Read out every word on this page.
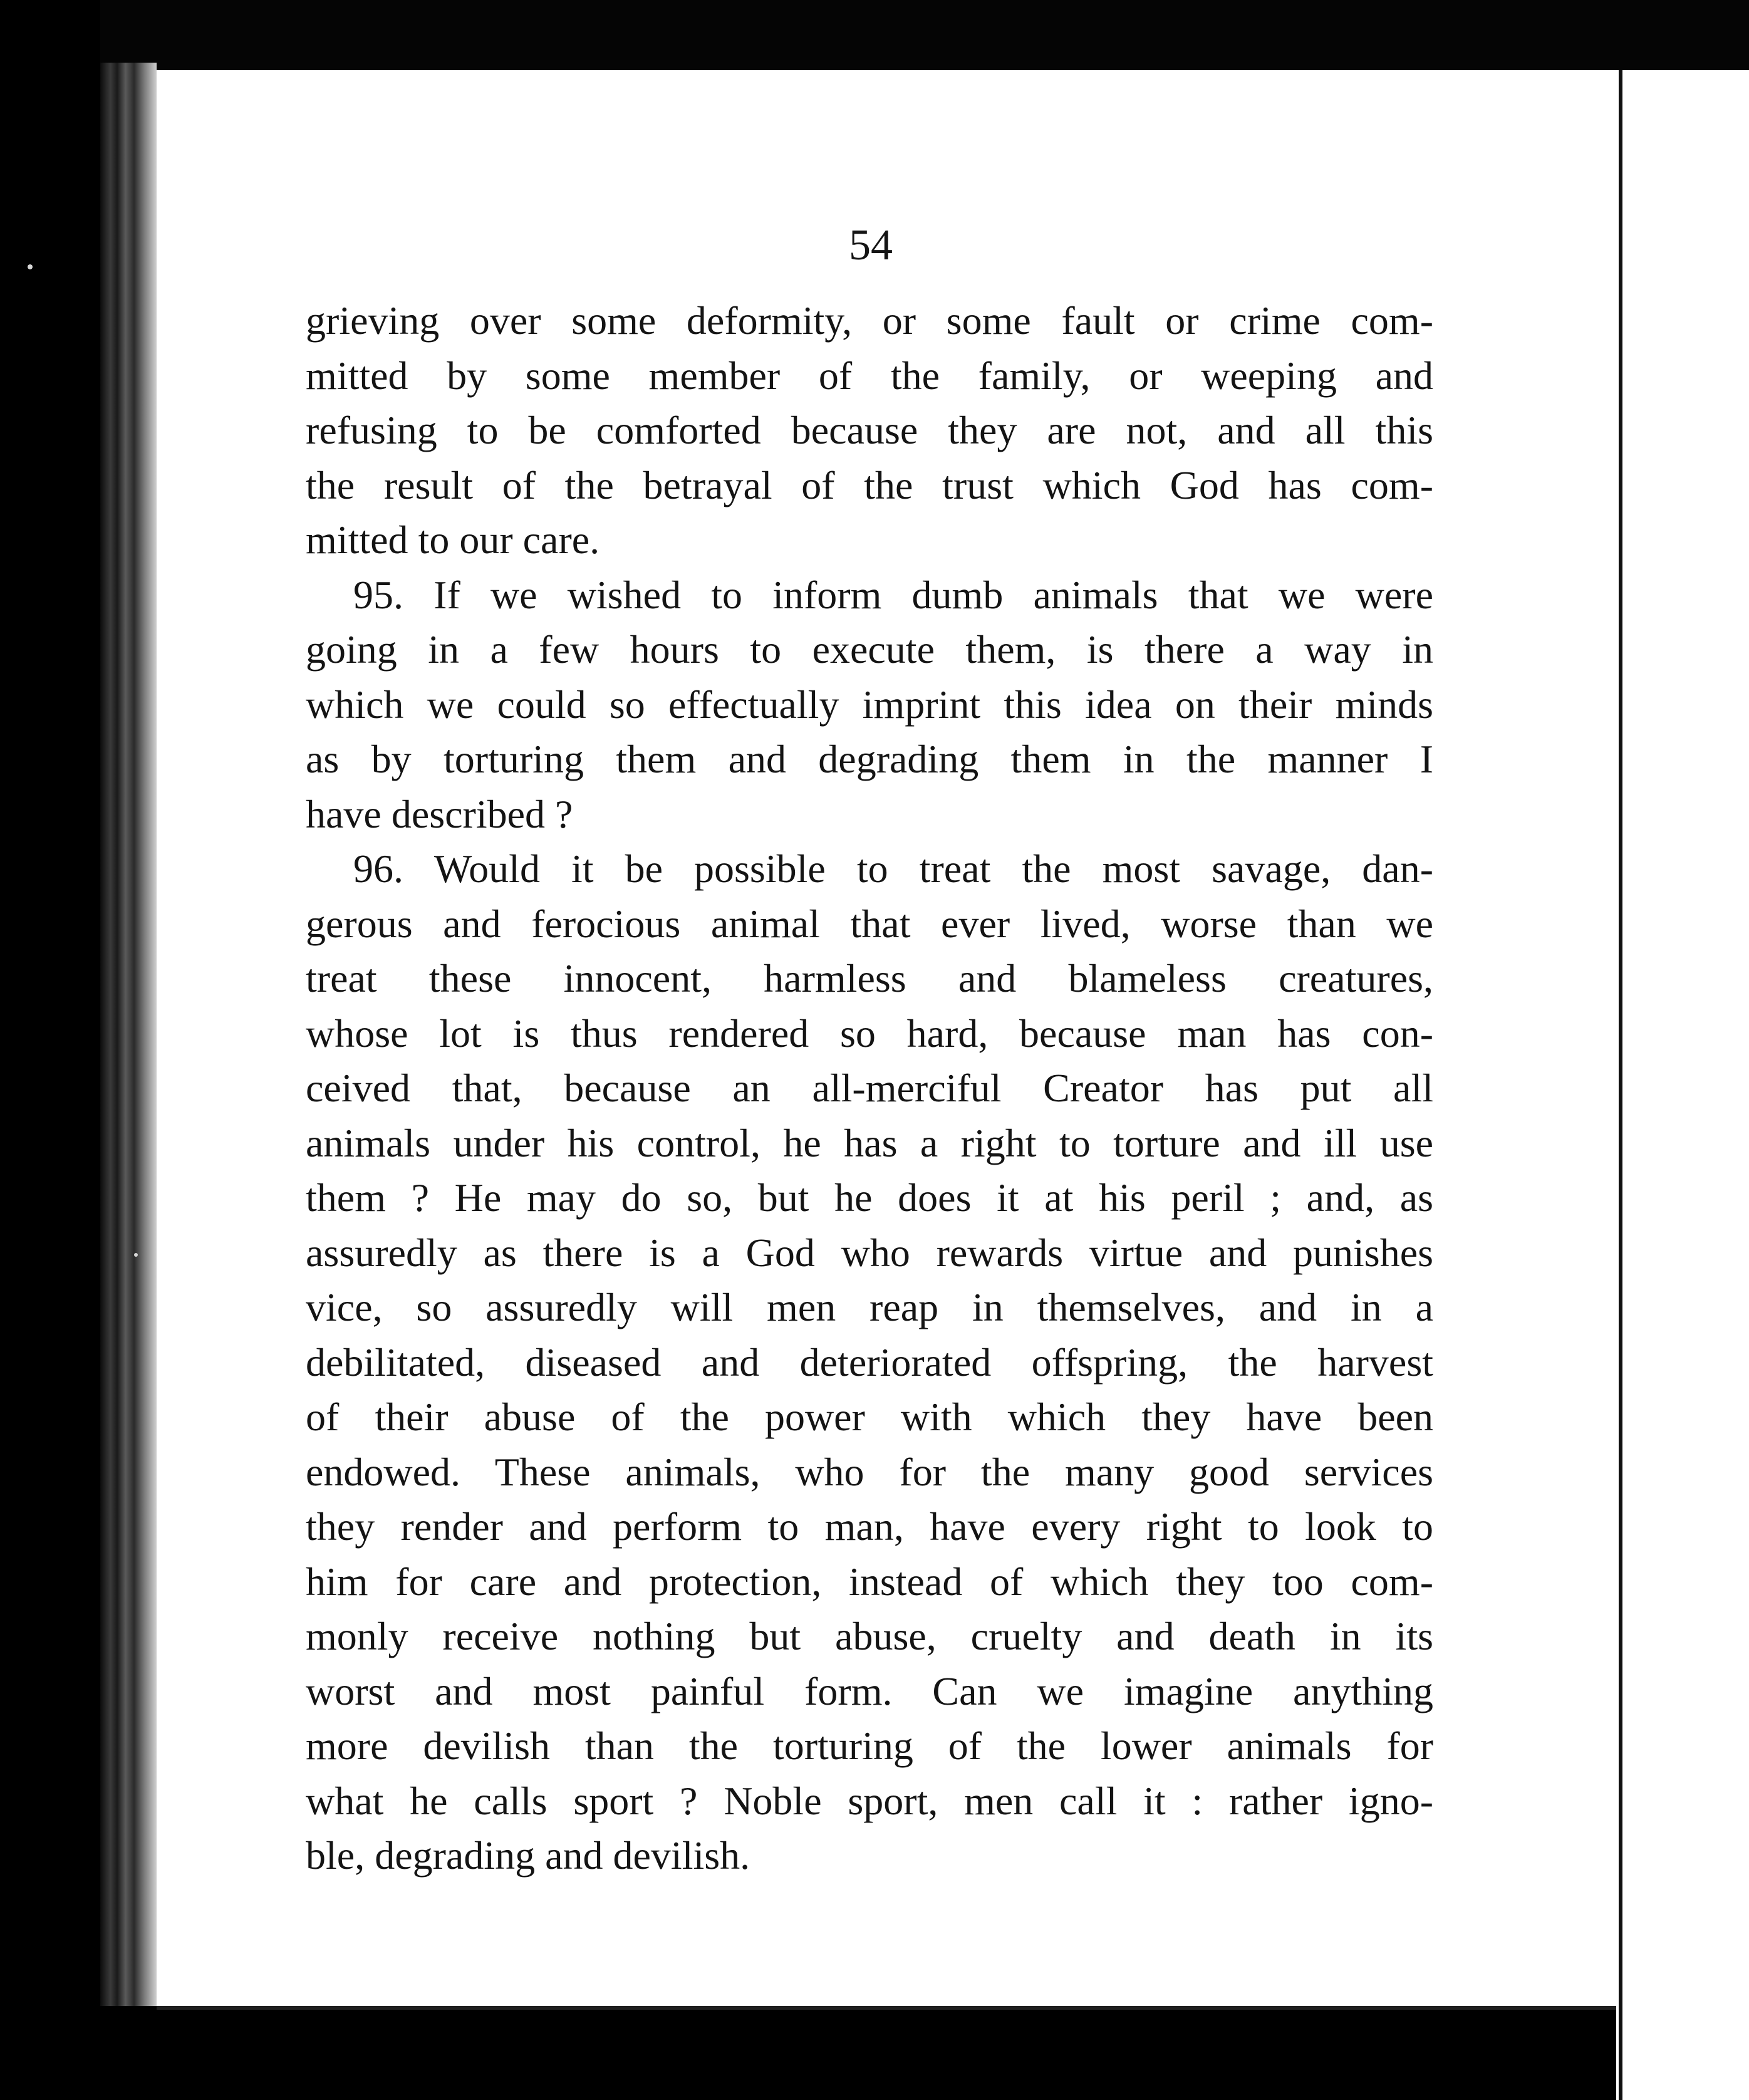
54
grieving over some deformity, or some fault or crime com-
mitted by some member of the family, or weeping and
refusing to be comforted because they are not, and all this
the result of the betrayal of the trust which God has com-
mitted to our care.
95. If we wished to inform dumb animals that we were
going in a few hours to execute them, is there a way in
which we could so effectually imprint this idea on their minds
as by torturing them and degrading them in the manner I
have described ?
96. Would it be possible to treat the most savage, dan-
gerous and ferocious animal that ever lived, worse than we
treat these innocent, harmless and blameless creatures,
whose lot is thus rendered so hard, because man has con-
ceived that, because an all-merciful Creator has put all
animals under his control, he has a right to torture and ill use
them ? He may do so, but he does it at his peril ; and, as
assuredly as there is a God who rewards virtue and punishes
vice, so assuredly will men reap in themselves, and in a
debilitated, diseased and deteriorated offspring, the harvest
of their abuse of the power with which they have been
endowed. These animals, who for the many good services
they render and perform to man, have every right to look to
him for care and protection, instead of which they too com-
monly receive nothing but abuse, cruelty and death in its
worst and most painful form. Can we imagine anything
more devilish than the torturing of the lower animals for
what he calls sport ? Noble sport, men call it : rather igno-
ble, degrading and devilish.
